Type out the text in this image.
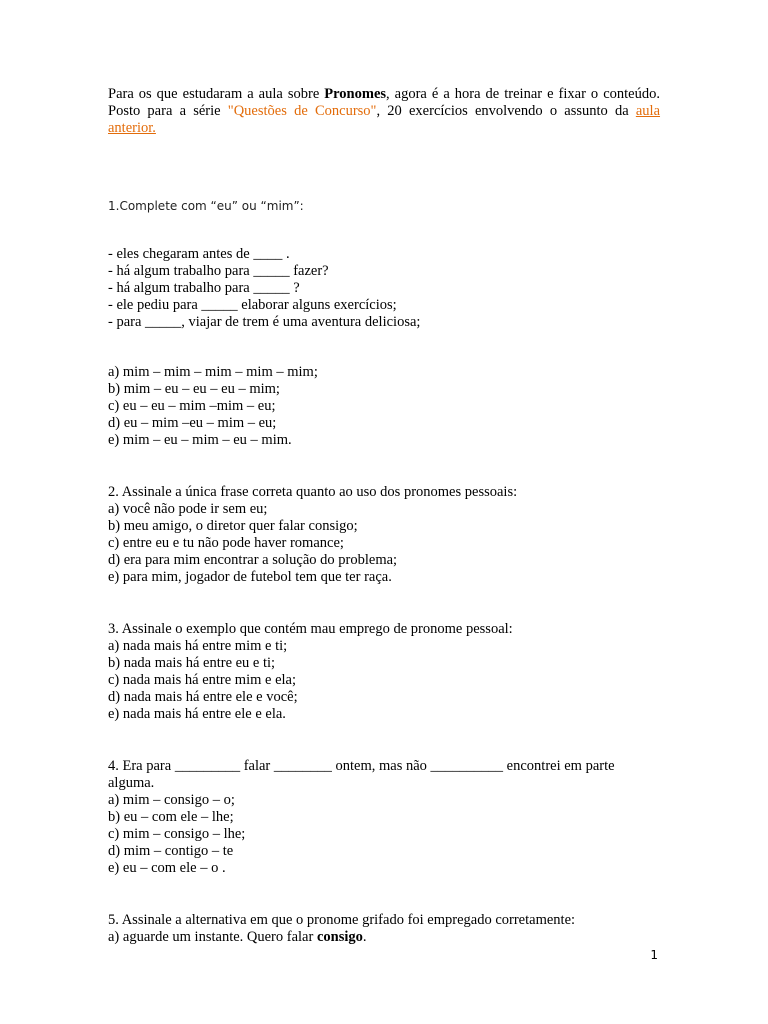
Para os que estudaram a aula sobre Pronomes, agora é a hora de treinar e fixar o conteúdo. Posto para a série "Questões de Concurso", 20 exercícios envolvendo o assunto da aula anterior.
1.Complete com “eu” ou “mim”:
- eles chegaram antes de ____ .
- há algum trabalho para _____ fazer?
- há algum trabalho para _____ ?
- ele pediu para _____ elaborar alguns exercícios;
- para _____, viajar de trem é uma aventura deliciosa;
a) mim – mim – mim – mim – mim;
b) mim – eu – eu – eu – mim;
c) eu – eu – mim –mim – eu;
d) eu – mim –eu – mim – eu;
e) mim – eu – mim – eu – mim.
2. Assinale a única frase correta quanto ao uso dos pronomes pessoais:
a) você não pode ir sem eu;
b) meu amigo, o diretor quer falar consigo;
c) entre eu e tu não pode haver romance;
d) era para mim encontrar a solução do problema;
e) para mim, jogador de futebol tem que ter raça.
3. Assinale o exemplo que contém mau emprego de pronome pessoal:
a) nada mais há entre mim e ti;
b) nada mais há entre eu e ti;
c) nada mais há entre mim e ela;
d) nada mais há entre ele e você;
e) nada mais há entre ele e ela.
4. Era para _________ falar ________ ontem, mas não __________ encontrei em parte alguma.
a) mim – consigo – o;
b) eu – com ele – lhe;
c) mim – consigo – lhe;
d) mim – contigo – te
e) eu – com ele – o .
5. Assinale a alternativa em que o pronome grifado foi empregado corretamente:
a) aguarde um instante. Quero falar consigo.
1
